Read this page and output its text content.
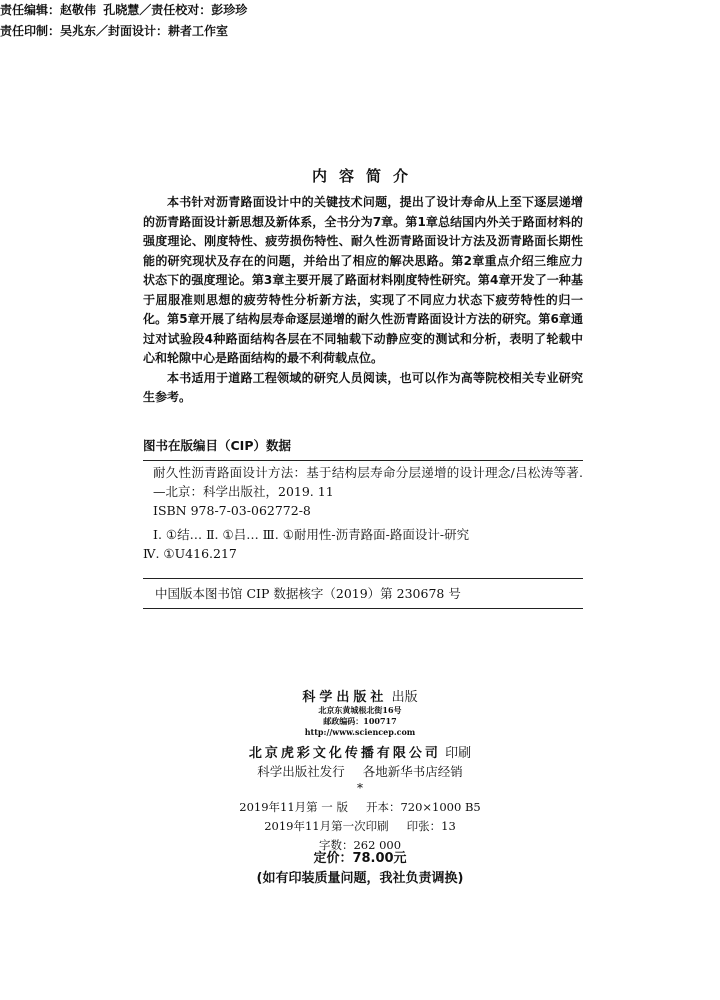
内容简介

本书针对沥青路面设计中的关键技术问题，提出了设计寿命从上至下逐层递增的沥青路面设计新思想及新体系，全书分为7章。第1章总结国内外关于路面材料的强度理论、刚度特性、疲劳损伤特性、耐久性沥青路面设计方法及沥青路面长期性能的研究现状及存在的问题，并给出了相应的解决思路。第2章重点介绍三维应力状态下的强度理论。第3章主要开展了路面材料刚度特性研究。第4章开发了一种基于屈服准则思想的疲劳特性分析新方法，实现了不同应力状态下疲劳特性的归一化。第5章开展了结构层寿命逐层递增的耐久性沥青路面设计方法的研究。第6章通过对试验段4种路面结构各层在不同轴载下动静应变的测试和分析，表明了轮载中心和轮隙中心是路面结构的最不利荷载点位。

本书适用于道路工程领域的研究人员阅读，也可以作为高等院校相关专业研究生参考。

图书在版编目（CIP）数据
耐久性沥青路面设计方法：基于结构层寿命分层递增的设计理念/吕松涛等著. —北京：科学出版社，2019. 11
ISBN 978-7-03-062772-8
Ⅰ. ①结… Ⅱ. ①吕… Ⅲ. ①耐用性-沥青路面-路面设计-研究
Ⅳ. ①U416.217
中国版本图书馆 CIP 数据核字（2019）第 230678 号
责任编辑：赵敬伟 孔晓慧／责任校对：彭珍珍
责任印制：吴兆东／封面设计：耕者工作室
科学出版社 出版
北京东黄城根北街16号
邮政编码：100717
http://www.sciencep.com
北京虎彩文化传播有限公司 印刷
科学出版社发行 各地新华书店经销
*
2019年11月第 一 版 开本：720×1000 B5
2019年11月第一次印刷 印张：13
字数：262 000
定价：78.00元
(如有印装质量问题，我社负责调换)
